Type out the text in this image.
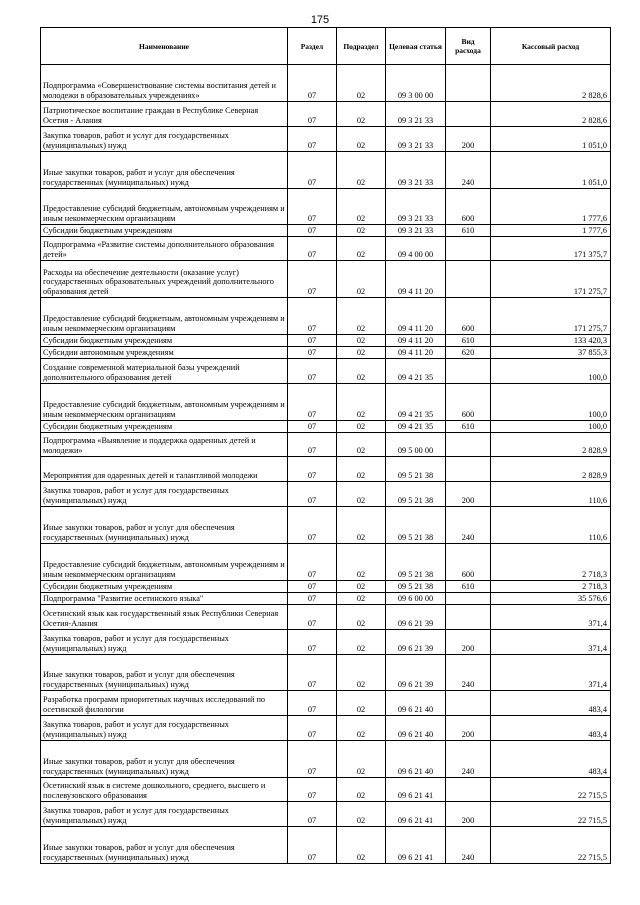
175
Наименование	Раздел	Подраздел	Целевая статья	Вид расхода	Кассовый расход
Подпрограмма «Совершенствование системы воспитания детей и молодежи в образовательных учреждениях»	07	02	09 3 00 00		2 828,6
Патриотическое воспитание граждан в Республике Северная Осетия - Алания	07	02	09 3 21 33		2 828,6
Закупка товаров, работ и услуг для государственных (муниципальных) нужд	07	02	09 3 21 33	200	1 051,0
Иные закупки товаров, работ и услуг для обеспечения государственных (муниципальных) нужд	07	02	09 3 21 33	240	1 051,0
Предоставление субсидий бюджетным, автономным учреждениям и иным некоммерческим организациям	07	02	09 3 21 33	600	1 777,6
Субсидии бюджетным учреждениям	07	02	09 3 21 33	610	1 777,6
Подпрограмма «Развитие системы дополнительного образования детей»	07	02	09 4 00 00		171 375,7
Расходы на обеспечение деятельности (оказание услуг) государственных образовательных учреждений дополнительного образования детей	07	02	09 4 11 20		171 275,7
Предоставление субсидий бюджетным, автономным учреждениям и иным некоммерческим организациям	07	02	09 4 11 20	600	171 275,7
Субсидии бюджетным учреждениям	07	02	09 4 11 20	610	133 420,3
Субсидии автономным учреждениям	07	02	09 4 11 20	620	37 855,3
Создание современной материальной базы учреждений дополнительного образования детей	07	02	09 4 21 35		100,0
Предоставление субсидий бюджетным, автономным учреждениям и иным некоммерческим организациям	07	02	09 4 21 35	600	100,0
Субсидии бюджетным учреждениям	07	02	09 4 21 35	610	100,0
Подпрограмма «Выявление и поддержка одаренных детей и молодежи»	07	02	09 5 00 00		2 828,9
Мероприятия для одаренных детей и талантливой молодежи	07	02	09 5 21 38		2 828,9
Закупка товаров, работ и услуг для государственных (муниципальных) нужд	07	02	09 5 21 38	200	110,6
Иные закупки товаров, работ и услуг для обеспечения государственных (муниципальных) нужд	07	02	09 5 21 38	240	110,6
Предоставление субсидий бюджетным, автономным учреждениям и иным некоммерческим организациям	07	02	09 5 21 38	600	2 718,3
Субсидии бюджетным учреждениям	07	02	09 5 21 38	610	2 718,3
Подпрограмма "Развитие осетинского языка"	07	02	09 6 00 00		35 576,6
Осетинский язык как государственный язык Республики Северная Осетия-Алания	07	02	09 6 21 39		371,4
Закупка товаров, работ и услуг для государственных (муниципальных) нужд	07	02	09 6 21 39	200	371,4
Иные закупки товаров, работ и услуг для обеспечения государственных (муниципальных) нужд	07	02	09 6 21 39	240	371,4
Разработка программ приоритетных научных исследований по осетинской филологии	07	02	09 6 21 40		483,4
Закупка товаров, работ и услуг для государственных (муниципальных) нужд	07	02	09 6 21 40	200	483,4
Иные закупки товаров, работ и услуг для обеспечения государственных (муниципальных) нужд	07	02	09 6 21 40	240	483,4
Осетинский язык в системе дошкольного, среднего, высшего и послевузовского образования	07	02	09 6 21 41		22 715,5
Закупка товаров, работ и услуг для государственных (муниципальных) нужд	07	02	09 6 21 41	200	22 715,5
Иные закупки товаров, работ и услуг для обеспечения государственных (муниципальных) нужд	07	02	09 6 21 41	240	22 715,5
